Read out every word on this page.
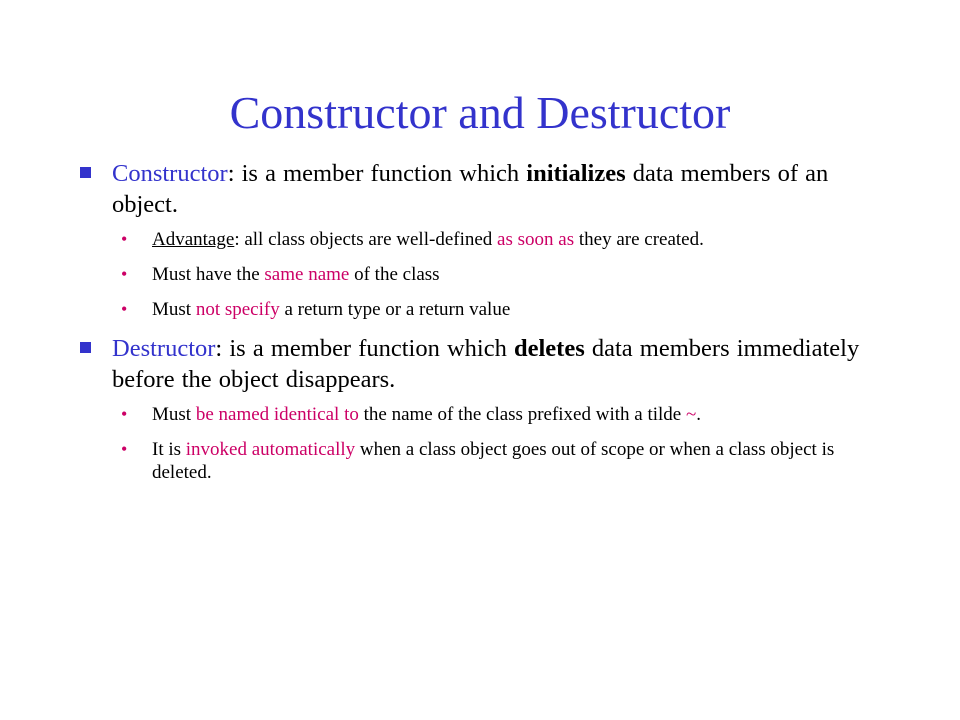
Constructor and Destructor
Constructor: is a member function which initializes data members of an object.
• Advantage: all class objects are well-defined as soon as they are created.
• Must have the same name of the class
• Must not specify a return type or a return value
Destructor: is a member function which deletes data members immediately before the object disappears.
• Must be named identical to the name of the class prefixed with a tilde ~.
• It is invoked automatically when a class object goes out of scope or when a class object is deleted.
